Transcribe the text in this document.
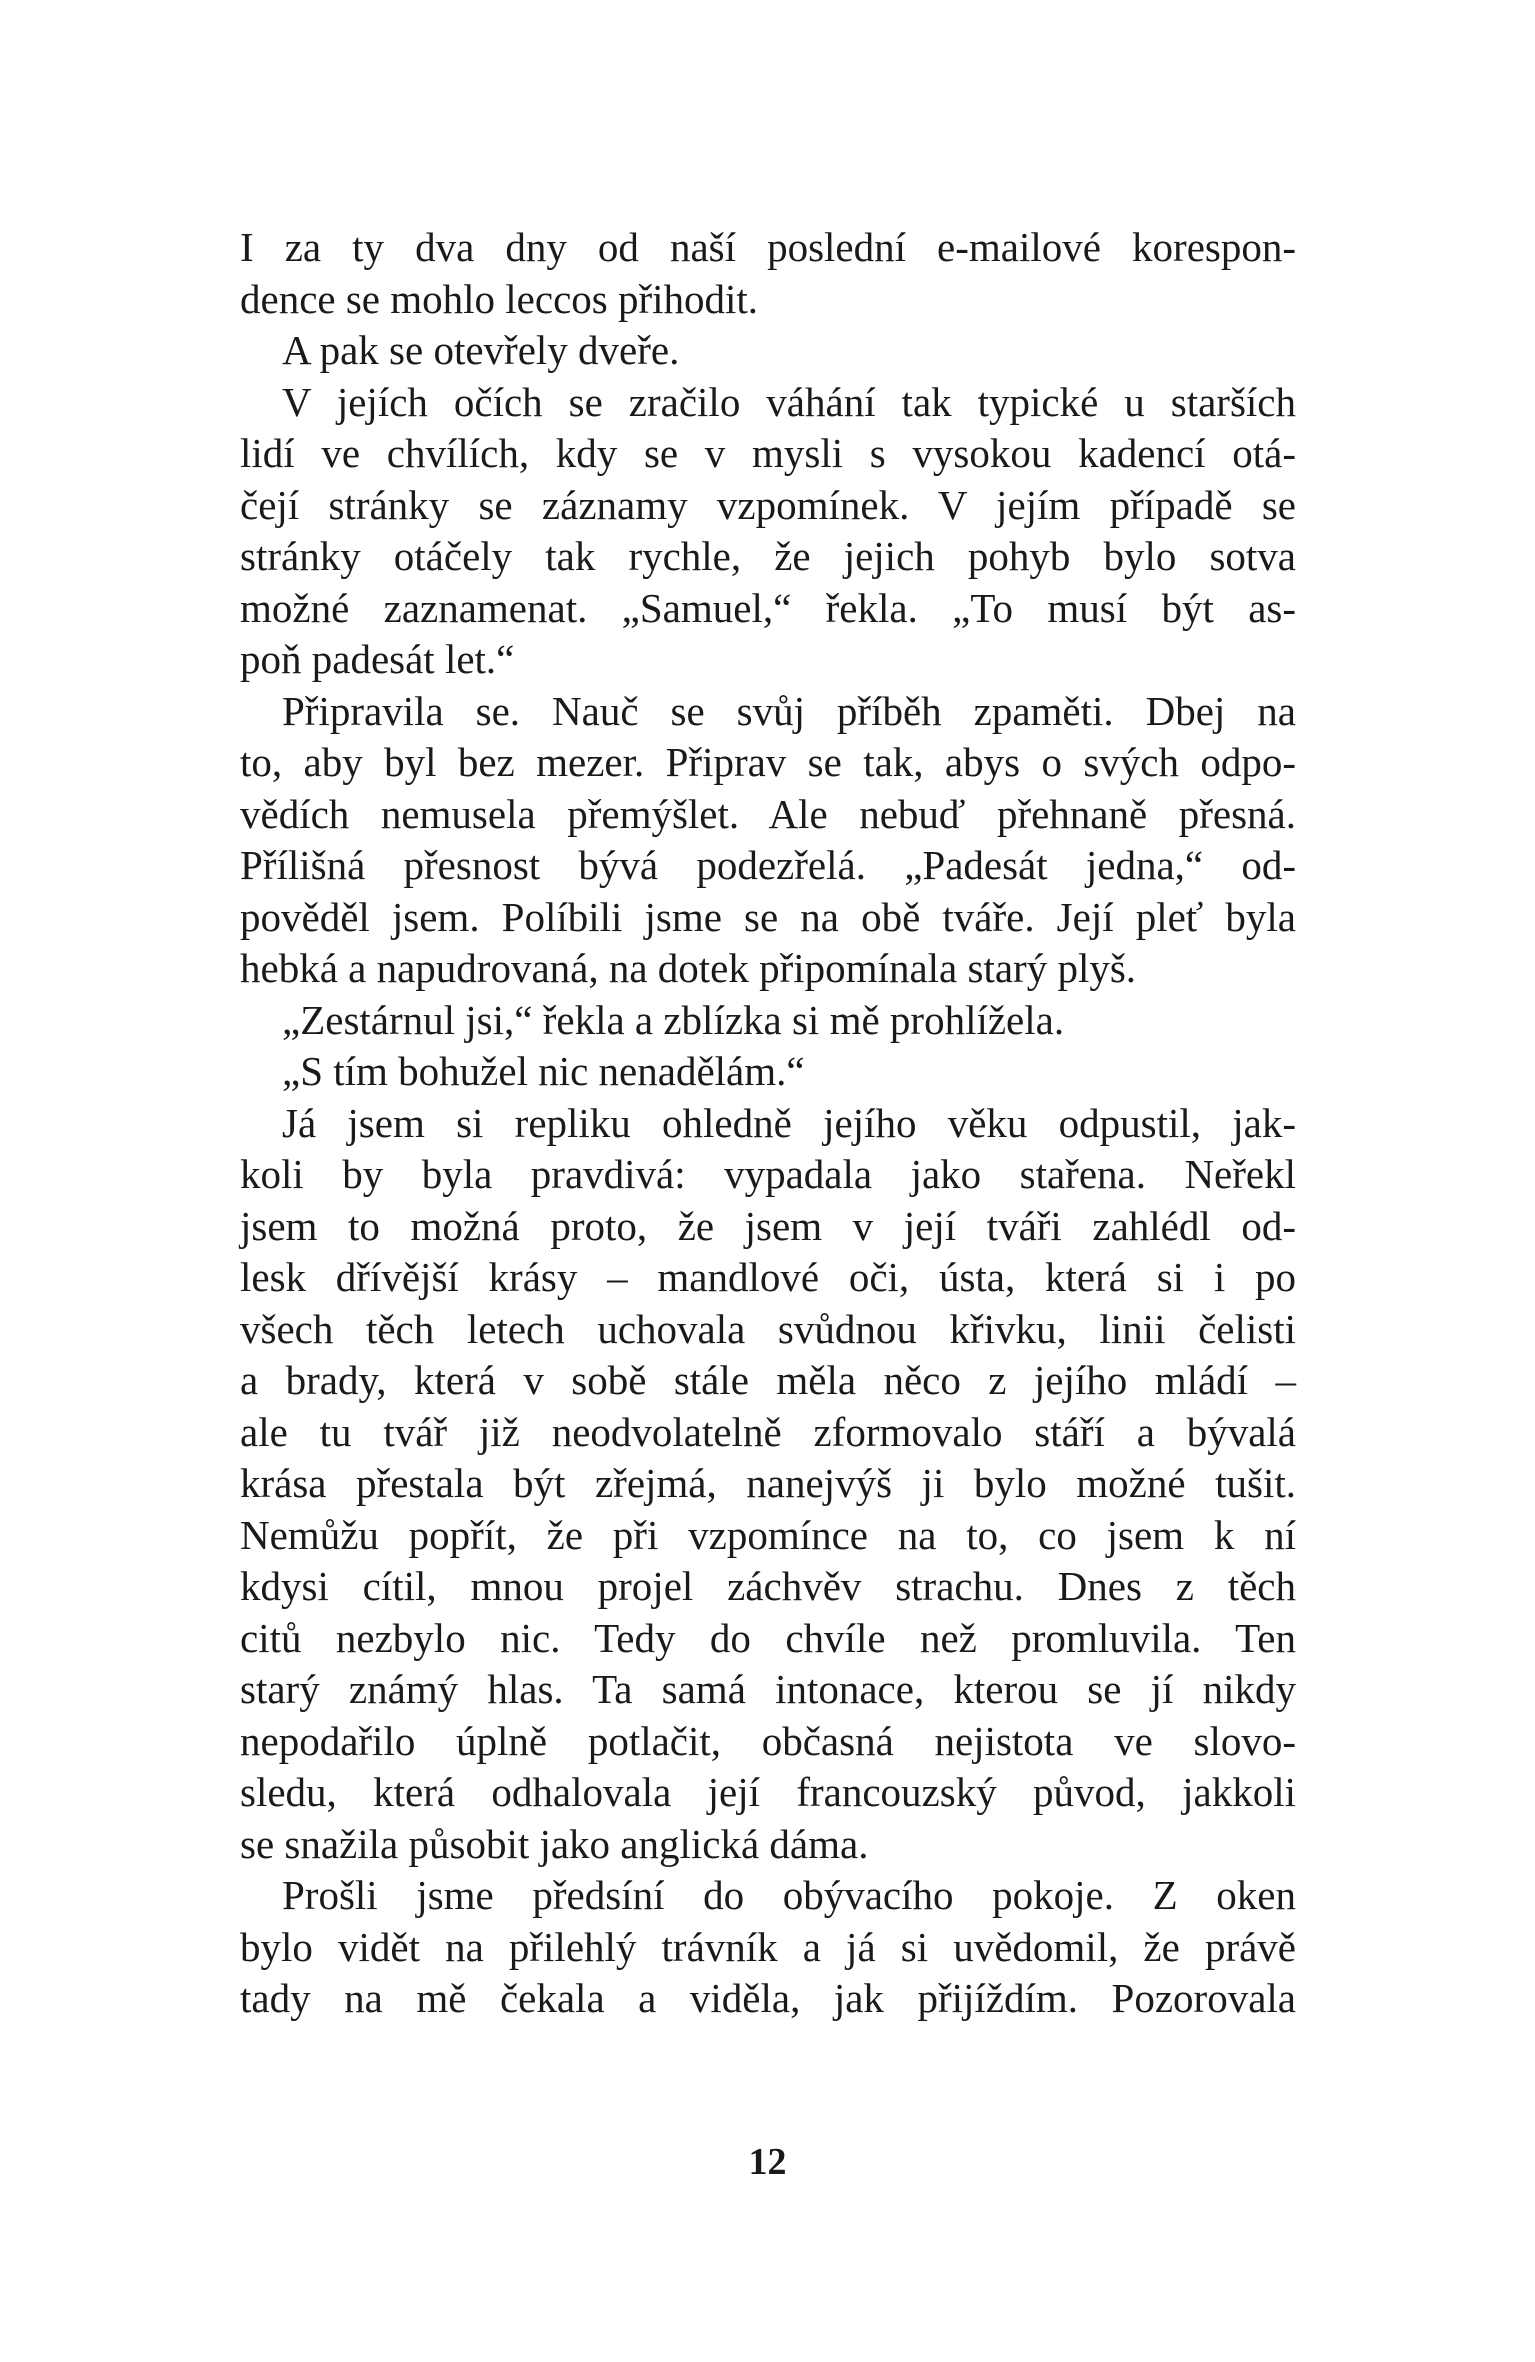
I za ty dva dny od naší poslední e-mailové korespon-
dence se mohlo leccos přihodit.
A pak se otevřely dveře.
V jejích očích se zračilo váhání tak typické u starších
lidí ve chvílích, kdy se v mysli s vysokou kadencí otá-
čejí stránky se záznamy vzpomínek. V jejím případě se
stránky otáčely tak rychle, že jejich pohyb bylo sotva
možné zaznamenat. „Samuel,“ řekla. „To musí být as-
poň padesát let.“
Připravila se. Nauč se svůj příběh zpaměti. Dbej na
to, aby byl bez mezer. Připrav se tak, abys o svých odpo-
vědích nemusela přemýšlet. Ale nebuď přehnaně přesná.
Přílišná přesnost bývá podezřelá. „Padesát jedna,“ od-
pověděl jsem. Políbili jsme se na obě tváře. Její pleť byla
hebká a napudrovaná, na dotek připomínala starý plyš.
„Zestárnul jsi,“ řekla a zblízka si mě prohlížela.
„S tím bohužel nic nenadělám.“
Já jsem si repliku ohledně jejího věku odpustil, jak-
koli by byla pravdivá: vypadala jako stařena. Neřekl
jsem to možná proto, že jsem v její tváři zahlédl od-
lesk dřívější krásy – mandlové oči, ústa, která si i po
všech těch letech uchovala svůdnou křivku, linii čelisti
a brady, která v sobě stále měla něco z jejího mládí –
ale tu tvář již neodvolatelně zformovalo stáří a bývalá
krása přestala být zřejmá, nanejvýš ji bylo možné tušit.
Nemůžu popřít, že při vzpomínce na to, co jsem k ní
kdysi cítil, mnou projel záchvěv strachu. Dnes z těch
citů nezbylo nic. Tedy do chvíle než promluvila. Ten
starý známý hlas. Ta samá intonace, kterou se jí nikdy
nepodařilo úplně potlačit, občasná nejistota ve slovo-
sledu, která odhalovala její francouzský původ, jakkoli
se snažila působit jako anglická dáma.
Prošli jsme předsíní do obývacího pokoje. Z oken
bylo vidět na přilehlý trávník a já si uvědomil, že právě
tady na mě čekala a viděla, jak přijíždím. Pozorovala
12
